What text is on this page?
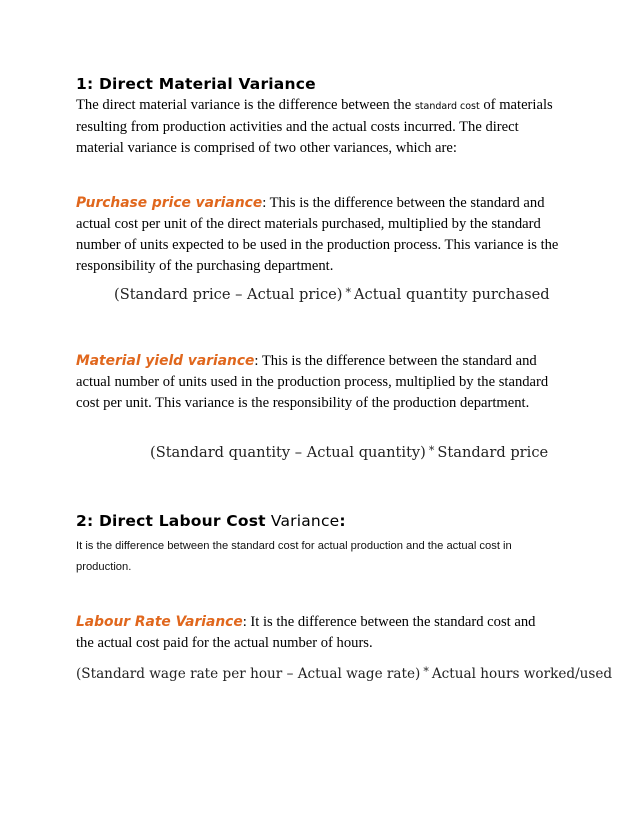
1: Direct Material Variance
The direct material variance is the difference between the standard cost of materials resulting from production activities and the actual costs incurred. The direct material variance is comprised of two other variances, which are:
Purchase price variance: This is the difference between the standard and actual cost per unit of the direct materials purchased, multiplied by the standard number of units expected to be used in the production process. This variance is the responsibility of the purchasing department.
(Standard price – Actual price) * Actual quantity purchased
Material yield variance: This is the difference between the standard and actual number of units used in the production process, multiplied by the standard cost per unit. This variance is the responsibility of the production department.
(Standard quantity – Actual quantity) * Standard price
2: Direct Labour Cost Variance:
It is the difference between the standard cost for actual production and the actual cost in production.
Labour Rate Variance: It is the difference between the standard cost and the actual cost paid for the actual number of hours.
(Standard wage rate per hour – Actual wage rate) * Actual hours worked/used
